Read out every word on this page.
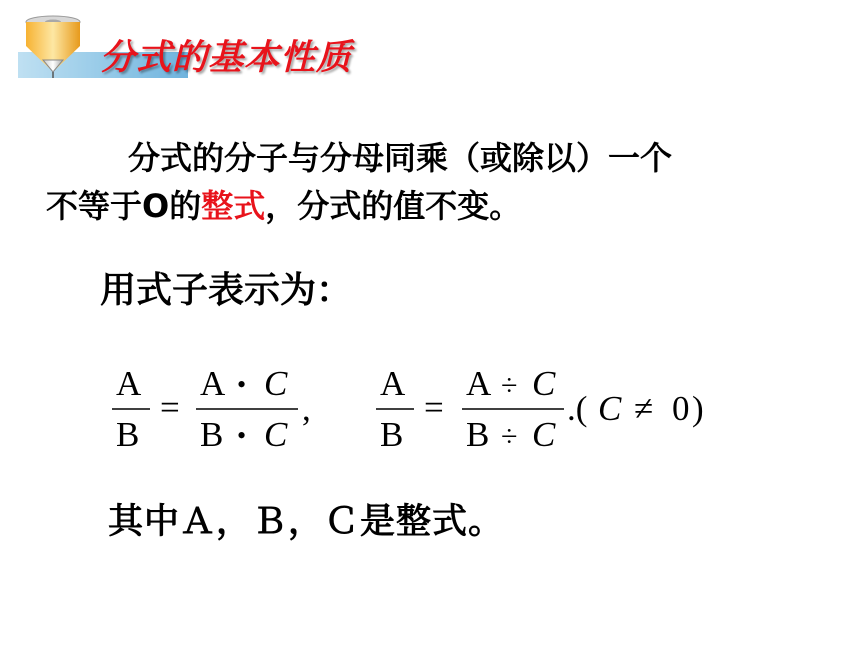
分式的基本性质
分式的分子与分母同乘（或除以）一个
不等于O的整式，分式的值不变。
用式子表示为：
A
B
=
A • C
B • C
,
A
B
=
A ÷ C
B ÷ C
.( C ≠ 0 )
其中Ａ，Ｂ，Ｃ是整式。
